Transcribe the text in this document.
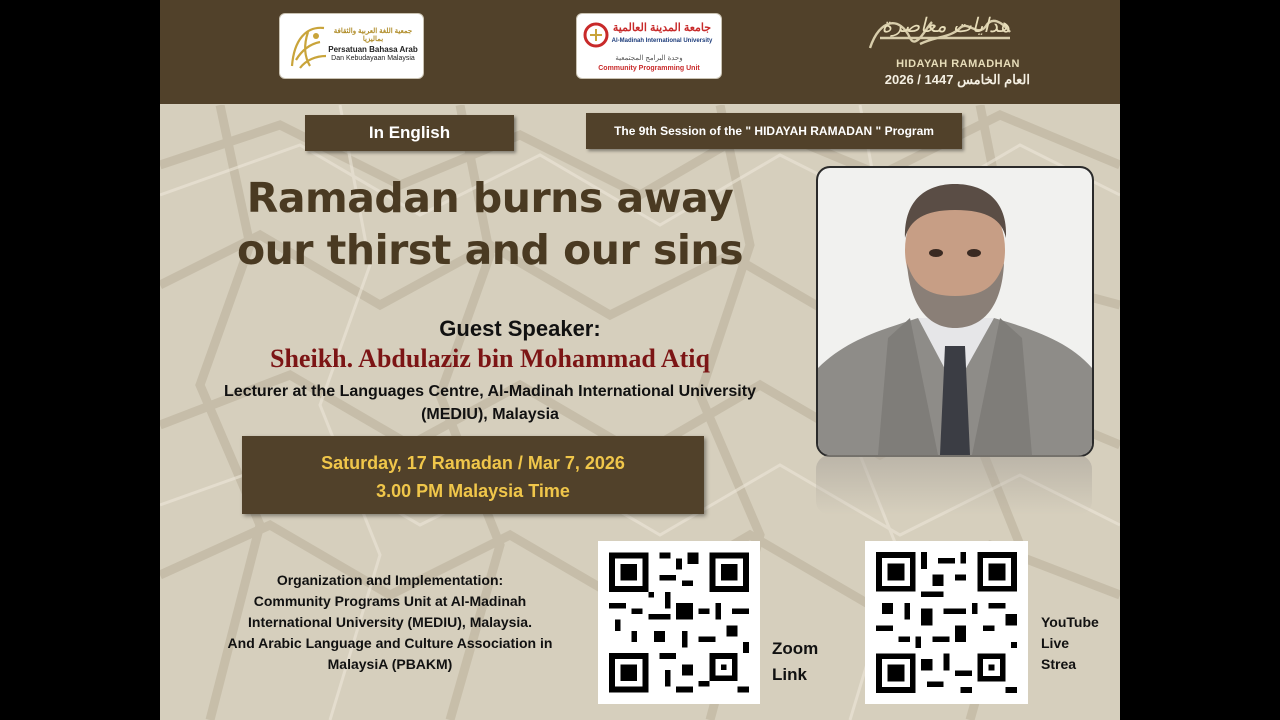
جمعية اللغة العربية والثقافة بماليزيا
Persatuan Bahasa Arab
Dan Kebudayaan Malaysia
جامعة المدينة العالمية
Al-Madinah International University
وحدة البرامج المجتمعية
Community Programming Unit
هدايات معاصرة
HIDAYAH RAMADHAN
العام الخامس 1447 / 2026
In English	The 9th Session of the " HIDAYAH RAMADAN " Program
Ramadan burns away
our thirst and our sins
Guest Speaker:
Sheikh. Abdulaziz bin Mohammad Atiq
Lecturer at the Languages Centre, Al-Madinah International University
(MEDIU), Malaysia
Saturday, 17 Ramadan / Mar 7, 2026
3.00 PM Malaysia Time
Organization and Implementation:
Community Programs Unit at Al-Madinah
International University (MEDIU), Malaysia.
And Arabic Language and Culture Association in
MalaysiA (PBAKM)
Zoom
Link
YouTube
Live
Strea
